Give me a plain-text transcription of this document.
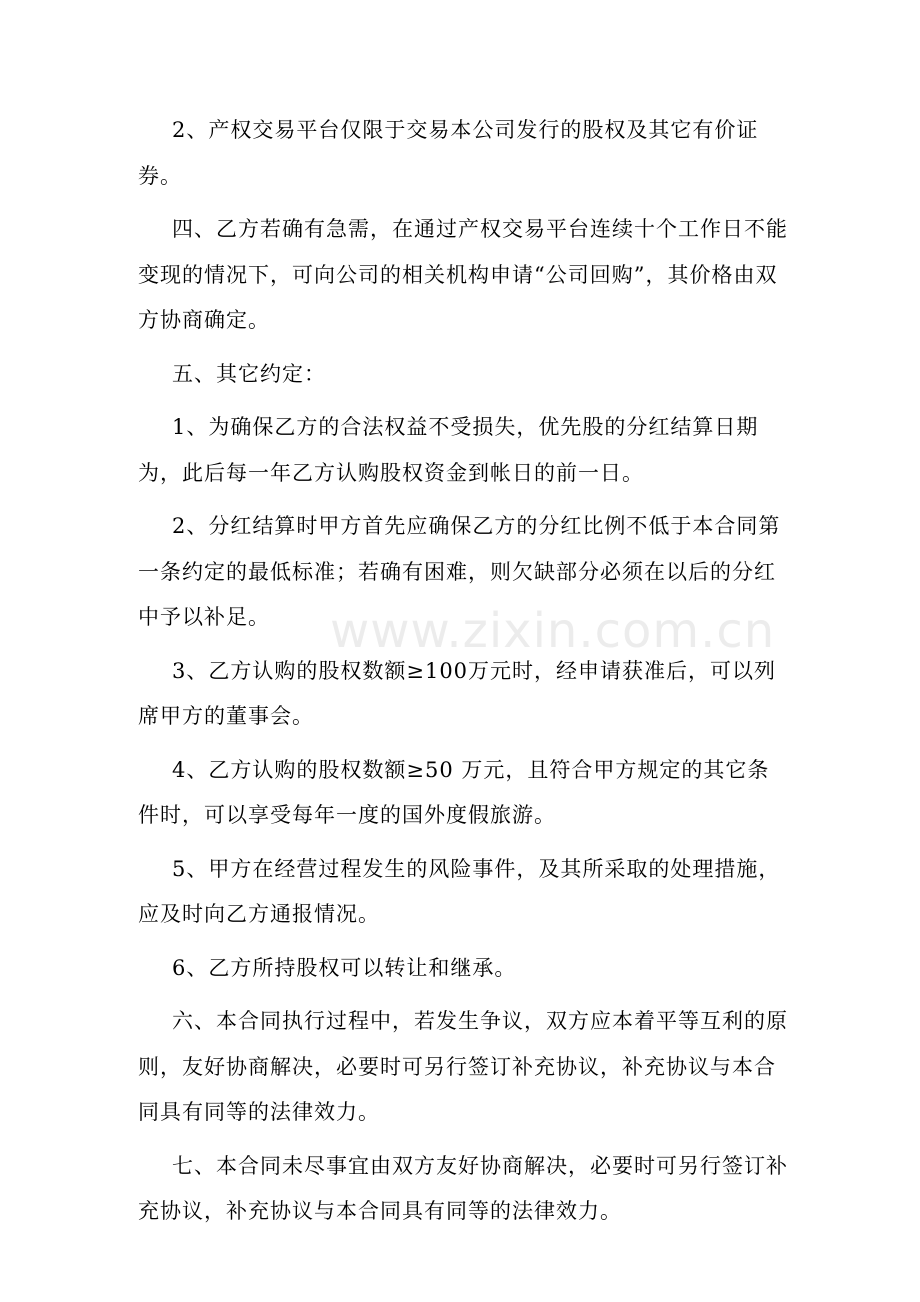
2、产权交易平台仅限于交易本公司发行的股权及其它有价证券。

四、乙方若确有急需，在通过产权交易平台连续十个工作日不能变现的情况下，可向公司的相关机构申请“公司回购”，其价格由双方协商确定。

五、其它约定：

1、为确保乙方的合法权益不受损失，优先股的分红结算日期为，此后每一年乙方认购股权资金到帐日的前一日。

2、分红结算时甲方首先应确保乙方的分红比例不低于本合同第一条约定的最低标准；若确有困难，则欠缺部分必须在以后的分红中予以补足。

3、乙方认购的股权数额≥100万元时，经申请获准后，可以列席甲方的董事会。

4、乙方认购的股权数额≥50 万元，且符合甲方规定的其它条件时，可以享受每年一度的国外度假旅游。

5、甲方在经营过程发生的风险事件，及其所采取的处理措施，应及时向乙方通报情况。

6、乙方所持股权可以转让和继承。

六、本合同执行过程中，若发生争议，双方应本着平等互利的原则，友好协商解决，必要时可另行签订补充协议，补充协议与本合同具有同等的法律效力。

七、本合同未尽事宜由双方友好协商解决，必要时可另行签订补充协议，补充协议与本合同具有同等的法律效力。

www.zixin.com.cn
